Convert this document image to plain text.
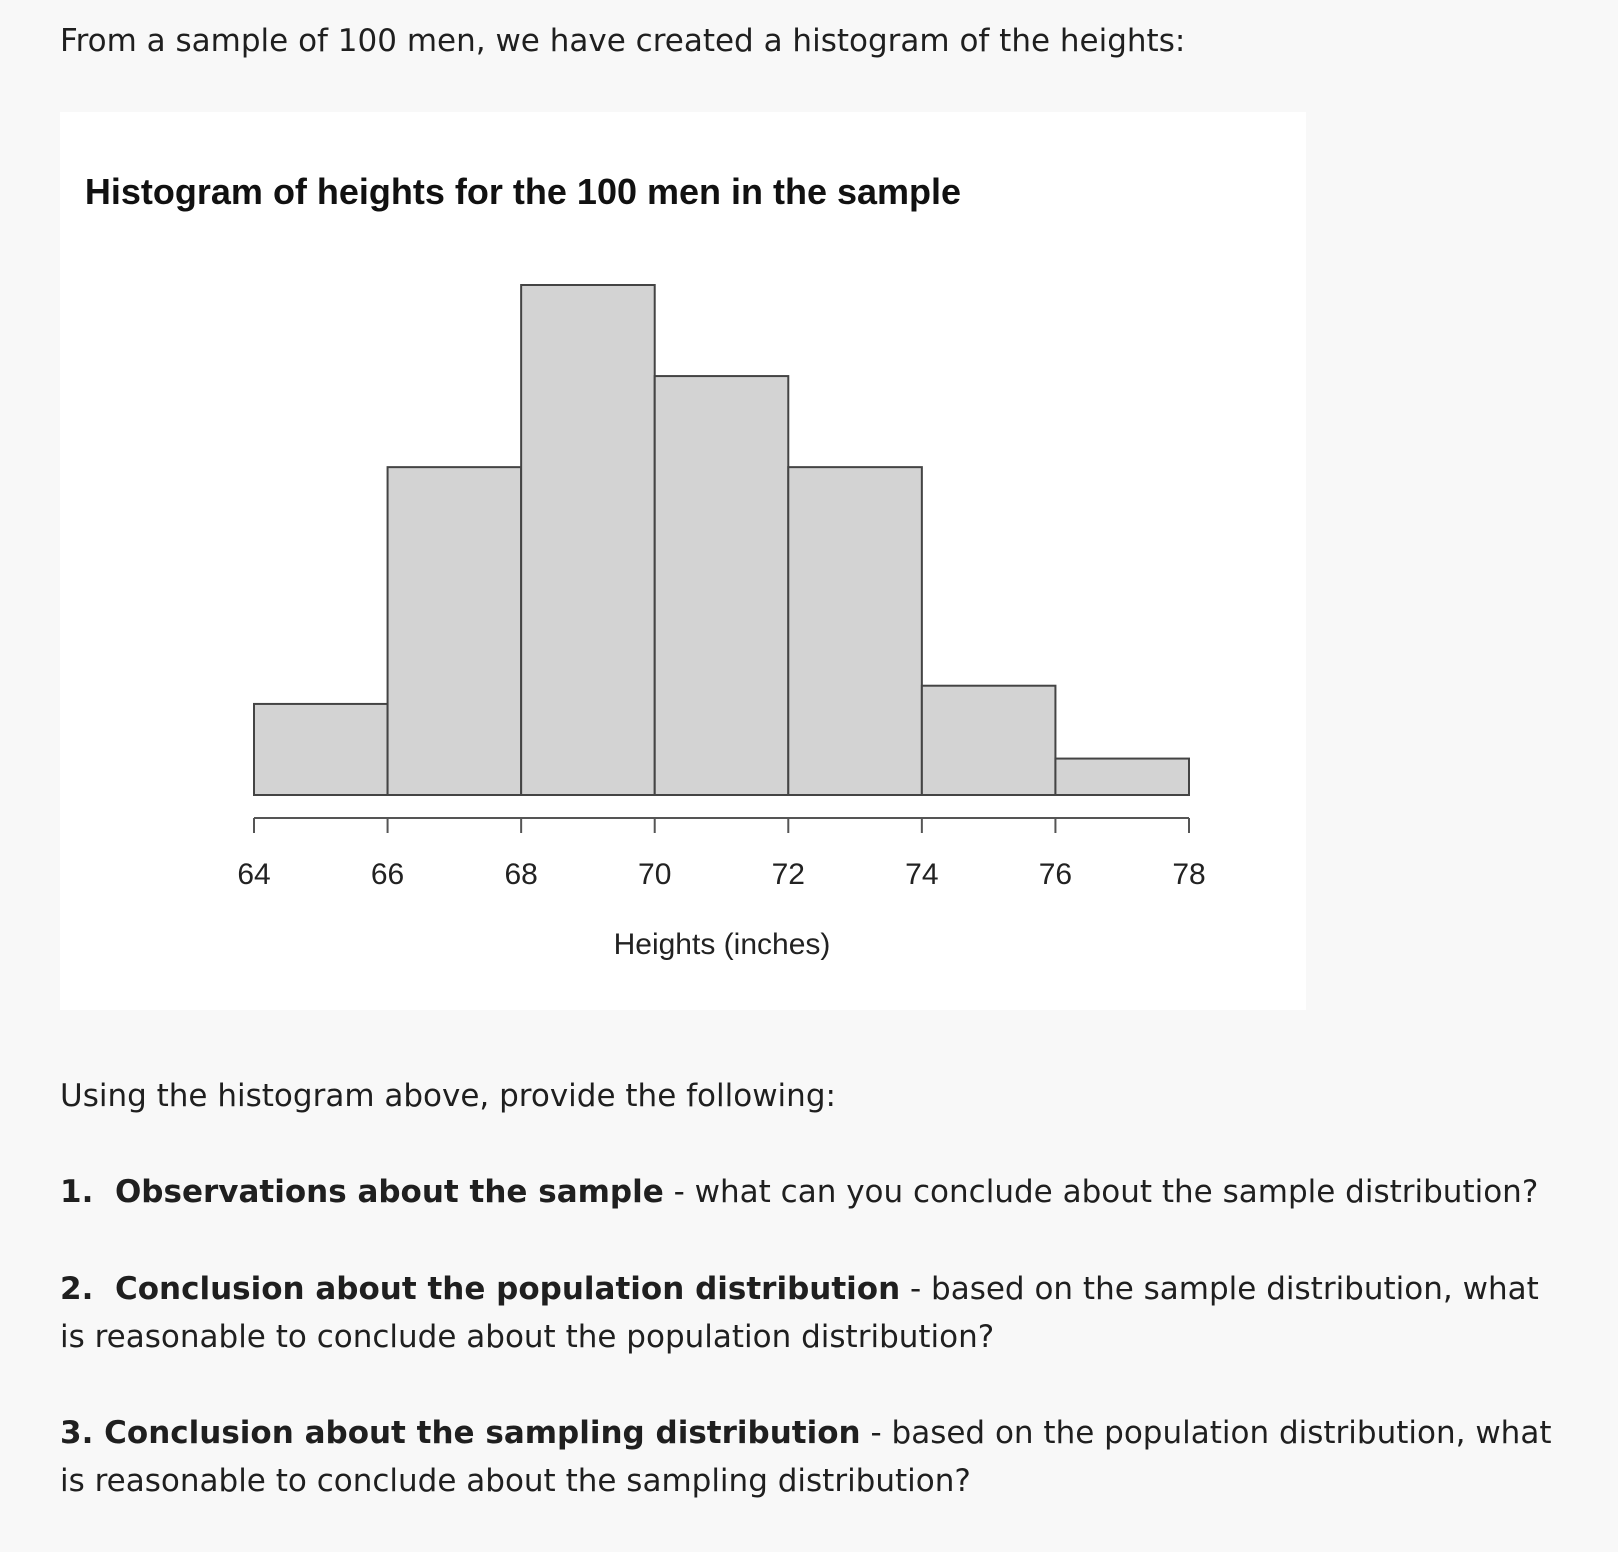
From a sample of 100 men, we have created a histogram of the heights:

Histogram of heights for the 100 men in the sample
64	66	68	70	72	74	76	78
Heights (inches)

Using the histogram above, provide the following:

1. Observations about the sample - what can you conclude about the sample distribution?

2. Conclusion about the population distribution - based on the sample distribution, what is reasonable to conclude about the population distribution?

3. Conclusion about the sampling distribution - based on the population distribution, what is reasonable to conclude about the sampling distribution?
